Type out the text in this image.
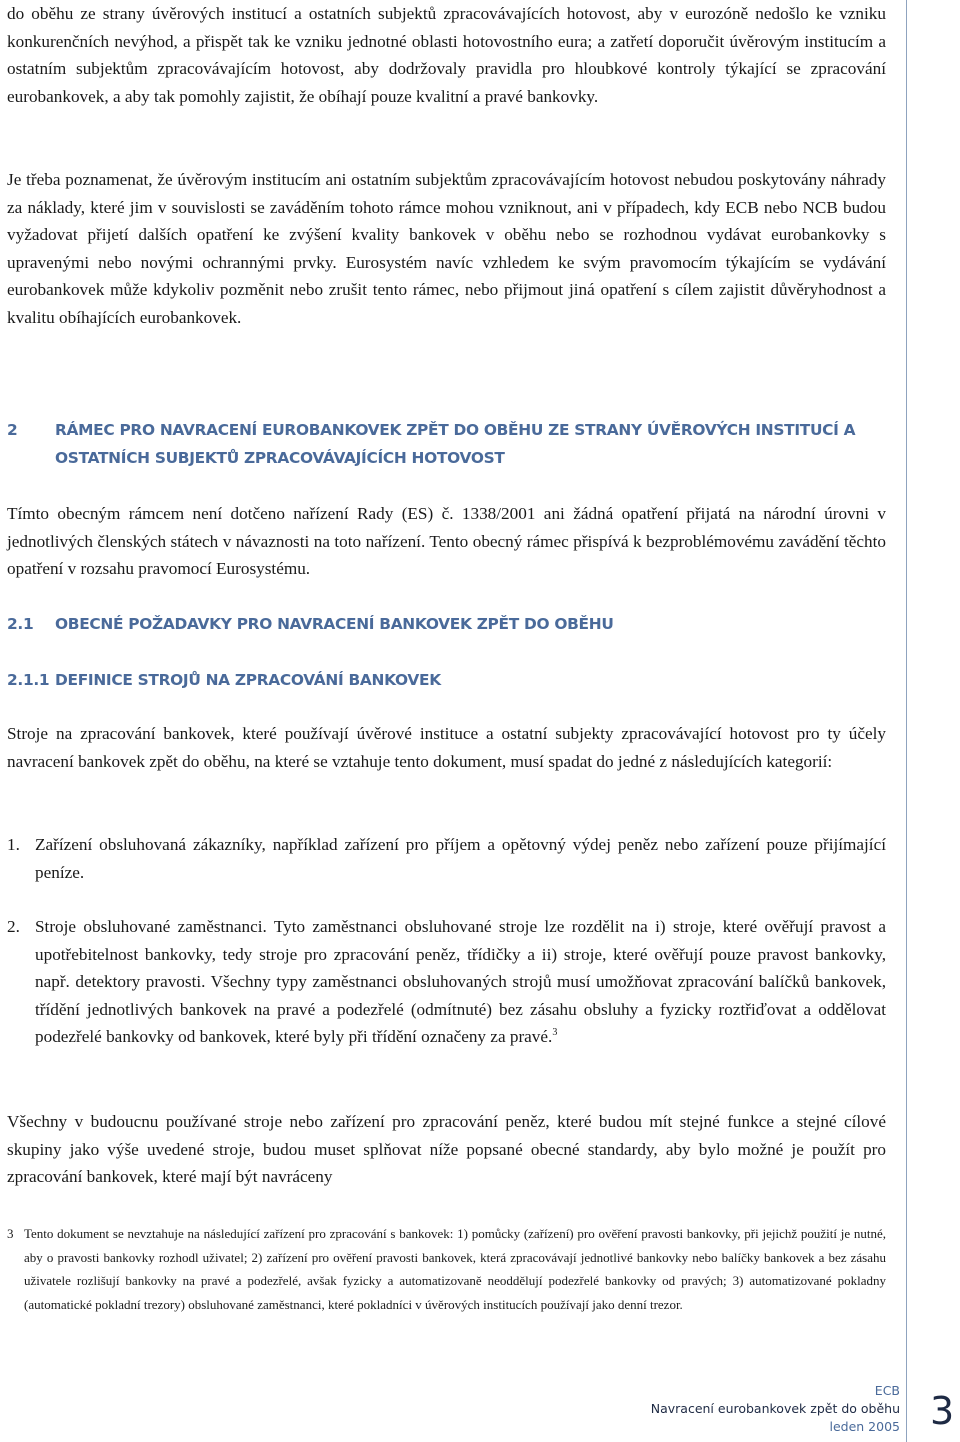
do oběhu ze strany úvěrových institucí a ostatních subjektů zpracovávajících hotovost, aby v eurozóně nedošlo ke vzniku konkurenčních nevýhod, a přispět tak ke vzniku jednotné oblasti hotovostního eura; a zatřetí doporučit úvěrovým institucím a ostatním subjektům zpracovávajícím hotovost, aby dodržovaly pravidla pro hloubkové kontroly týkající se zpracování eurobankovek, a aby tak pomohly zajistit, že obíhají pouze kvalitní a pravé bankovky.

Je třeba poznamenat, že úvěrovým institucím ani ostatním subjektům zpracovávajícím hotovost nebudou poskytovány náhrady za náklady, které jim v souvislosti se zaváděním tohoto rámce mohou vzniknout, ani v případech, kdy ECB nebo NCB budou vyžadovat přijetí dalších opatření ke zvýšení kvality bankovek v oběhu nebo se rozhodnou vydávat eurobankovky s upravenými nebo novými ochrannými prvky. Eurosystém navíc vzhledem ke svým pravomocím týkajícím se vydávání eurobankovek může kdykoliv pozměnit nebo zrušit tento rámec, nebo přijmout jiná opatření s cílem zajistit důvěryhodnost a kvalitu obíhajících eurobankovek.

2 RÁMEC PRO NAVRACENÍ EUROBANKOVEK ZPĚT DO OBĚHU ZE STRANY ÚVĚROVÝCH INSTITUCÍ A OSTATNÍCH SUBJEKTŮ ZPRACOVÁVAJÍCÍCH HOTOVOST

Tímto obecným rámcem není dotčeno nařízení Rady (ES) č. 1338/2001 ani žádná opatření přijatá na národní úrovni v jednotlivých členských státech v návaznosti na toto nařízení. Tento obecný rámec přispívá k bezproblémovému zavádění těchto opatření v rozsahu pravomocí Eurosystému.

2.1 OBECNÉ POŽADAVKY PRO NAVRACENÍ BANKOVEK ZPĚT DO OBĚHU
2.1.1 DEFINICE STROJŮ NA ZPRACOVÁNÍ BANKOVEK

Stroje na zpracování bankovek, které používají úvěrové instituce a ostatní subjekty zpracovávající hotovost pro ty účely navracení bankovek zpět do oběhu, na které se vztahuje tento dokument, musí spadat do jedné z následujících kategorií:

1. Zařízení obsluhovaná zákazníky, například zařízení pro příjem a opětovný výdej peněz nebo zařízení pouze přijímající peníze.
2. Stroje obsluhované zaměstnanci. Tyto zaměstnanci obsluhované stroje lze rozdělit na i) stroje, které ověřují pravost a upotřebitelnost bankovky, tedy stroje pro zpracování peněz, třídičky a ii) stroje, které ověřují pouze pravost bankovky, např. detektory pravosti. Všechny typy zaměstnanci obsluhovaných strojů musí umožňovat zpracování balíčků bankovek, třídění jednotlivých bankovek na pravé a podezřelé (odmítnuté) bez zásahu obsluhy a fyzicky roztřiďovat a oddělovat podezřelé bankovky od bankovek, které byly při třídění označeny za pravé.$^3$

Všechny v budoucnu používané stroje nebo zařízení pro zpracování peněz, které budou mít stejné funkce a stejné cílové skupiny jako výše uvedené stroje, budou muset splňovat níže popsané obecné standardy, aby bylo možné je použít pro zpracování bankovek, které mají být navráceny

3 Tento dokument se nevztahuje na následující zařízení pro zpracování s bankovek: 1) pomůcky (zařízení) pro ověření pravosti bankovky, při jejichž použití je nutné, aby o pravosti bankovky rozhodl uživatel; 2) zařízení pro ověření pravosti bankovek, která zpracovávají jednotlivé bankovky nebo balíčky bankovek a bez zásahu uživatele rozlišují bankovky na pravé a podezřelé, avšak fyzicky a automatizovaně neoddělují podezřelé bankovky od pravých; 3) automatizované pokladny (automatické pokladní trezory) obsluhované zaměstnanci, které pokladníci v úvěrových institucích používají jako denní trezor.
ECB
Navracení eurobankovek zpět do oběhu
leden 2005 3
